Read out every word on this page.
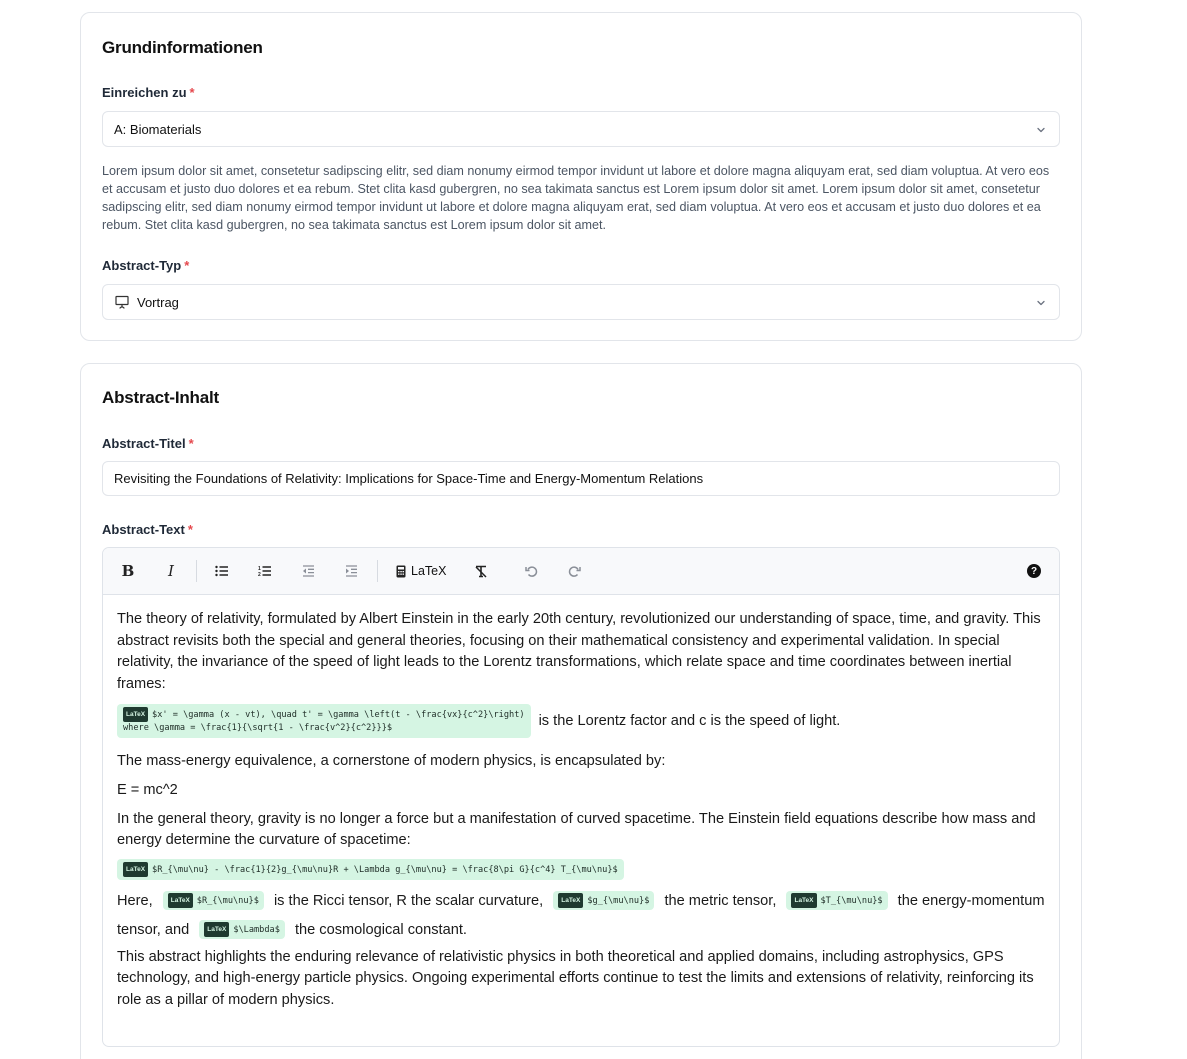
Grundinformationen
Einreichen zu *
A: Biomaterials

Lorem ipsum dolor sit amet, consetetur sadipscing elitr, sed diam nonumy eirmod tempor invidunt ut labore et dolore magna aliquyam erat, sed diam voluptua. At vero eos et accusam et justo duo dolores et ea rebum. Stet clita kasd gubergren, no sea takimata sanctus est Lorem ipsum dolor sit amet. Lorem ipsum dolor sit amet, consetetur sadipscing elitr, sed diam nonumy eirmod tempor invidunt ut labore et dolore magna aliquyam erat, sed diam voluptua. At vero eos et accusam et justo duo dolores et ea rebum. Stet clita kasd gubergren, no sea takimata sanctus est Lorem ipsum dolor sit amet.

Abstract-Typ *
Vortrag
Abstract-Inhalt
Abstract-Titel *
Revisiting the Foundations of Relativity: Implications for Space-Time and Energy-Momentum Relations
Abstract-Text *
B I	1
2	LaTeX	?

The theory of relativity, formulated by Albert Einstein in the early 20th century, revolutionized our understanding of space, time, and gravity. This abstract revisits both the special and general theories, focusing on their mathematical consistency and experimental validation. In special relativity, the invariance of the speed of light leads to the Lorentz transformations, which relate space and time coordinates between inertial frames:

LaTeX $x' = \gamma (x - vt), \quad t' = \gamma \left(t - \frac{vx}{c^2}\right)
where \gamma = \frac{1}{\sqrt{1 - \frac{v^2}{c^2}}}$	is the Lorentz factor and c is the speed of light.

The mass-energy equivalence, a cornerstone of modern physics, is encapsulated by:

E = mc^2

In the general theory, gravity is no longer a force but a manifestation of curved spacetime. The Einstein field equations describe how mass and energy determine the curvature of spacetime:

LaTeX $R_{\mu\nu} - \frac{1}{2}g_{\mu\nu}R + \Lambda g_{\mu\nu} = \frac{8\pi G}{c^4} T_{\mu\nu}$

Here,	LaTeX $R_{\mu\nu}$ is the Ricci tensor, R the scalar curvature,	LaTeX $g_{\mu\nu}$ the metric tensor,	LaTeX $T_{\mu\nu}$ the energy-momentum tensor, and	LaTeX $\Lambda$ the cosmological constant.

This abstract highlights the enduring relevance of relativistic physics in both theoretical and applied domains, including astrophysics, GPS technology, and high-energy particle physics. Ongoing experimental efforts continue to test the limits and extensions of relativity, reinforcing its role as a pillar of modern physics.
